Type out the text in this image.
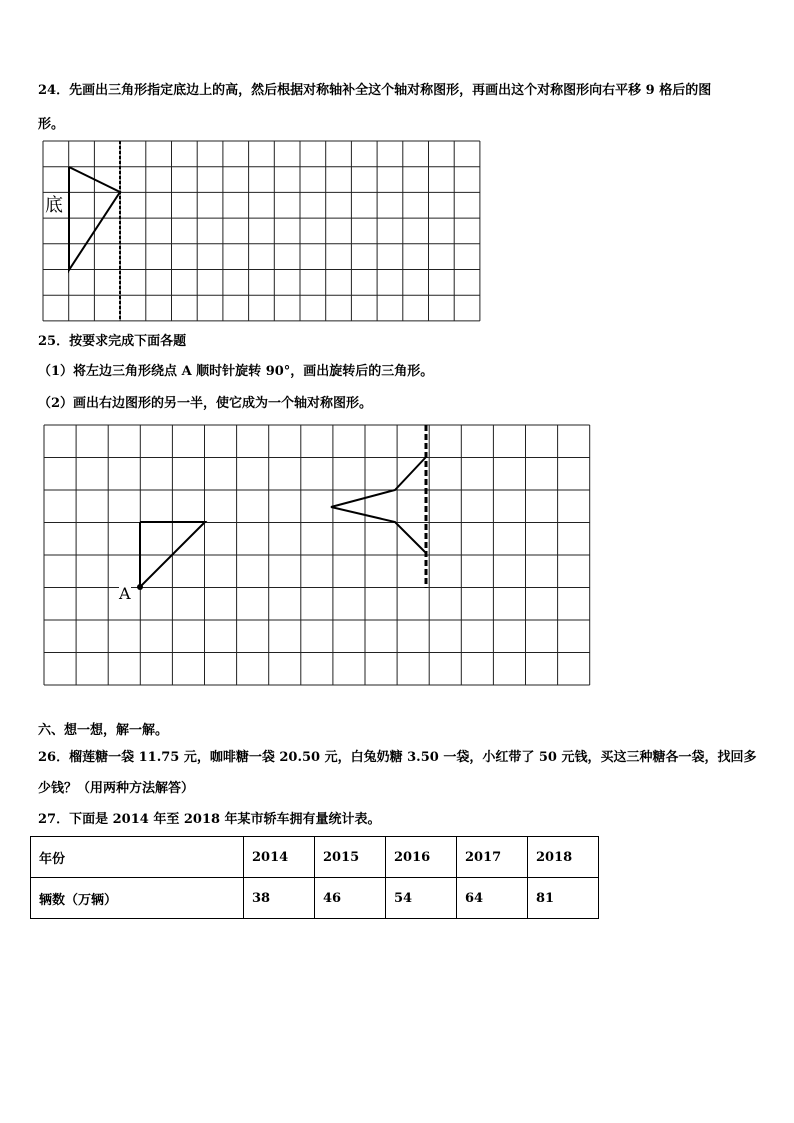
24．先画出三角形指定底边上的高，然后根据对称轴补全这个轴对称图形，再画出这个对称图形向右平移 9 格后的图
形。
底
25．按要求完成下面各题
（1）将左边三角形绕点 A 顺时针旋转 90°，画出旋转后的三角形。
（2）画出右边图形的另一半，使它成为一个轴对称图形。
A
六、想一想，解一解。
26．榴莲糖一袋 11.75 元，咖啡糖一袋 20.50 元，白兔奶糖 3.50 一袋，小红带了 50 元钱，买这三种糖各一袋，找回多
少钱？（用两种方法解答）
27．下面是 2014 年至 2018 年某市轿车拥有量统计表。
年份	2014	2015	2016	2017	2018
辆数（万辆）	38	46	54	64	81
